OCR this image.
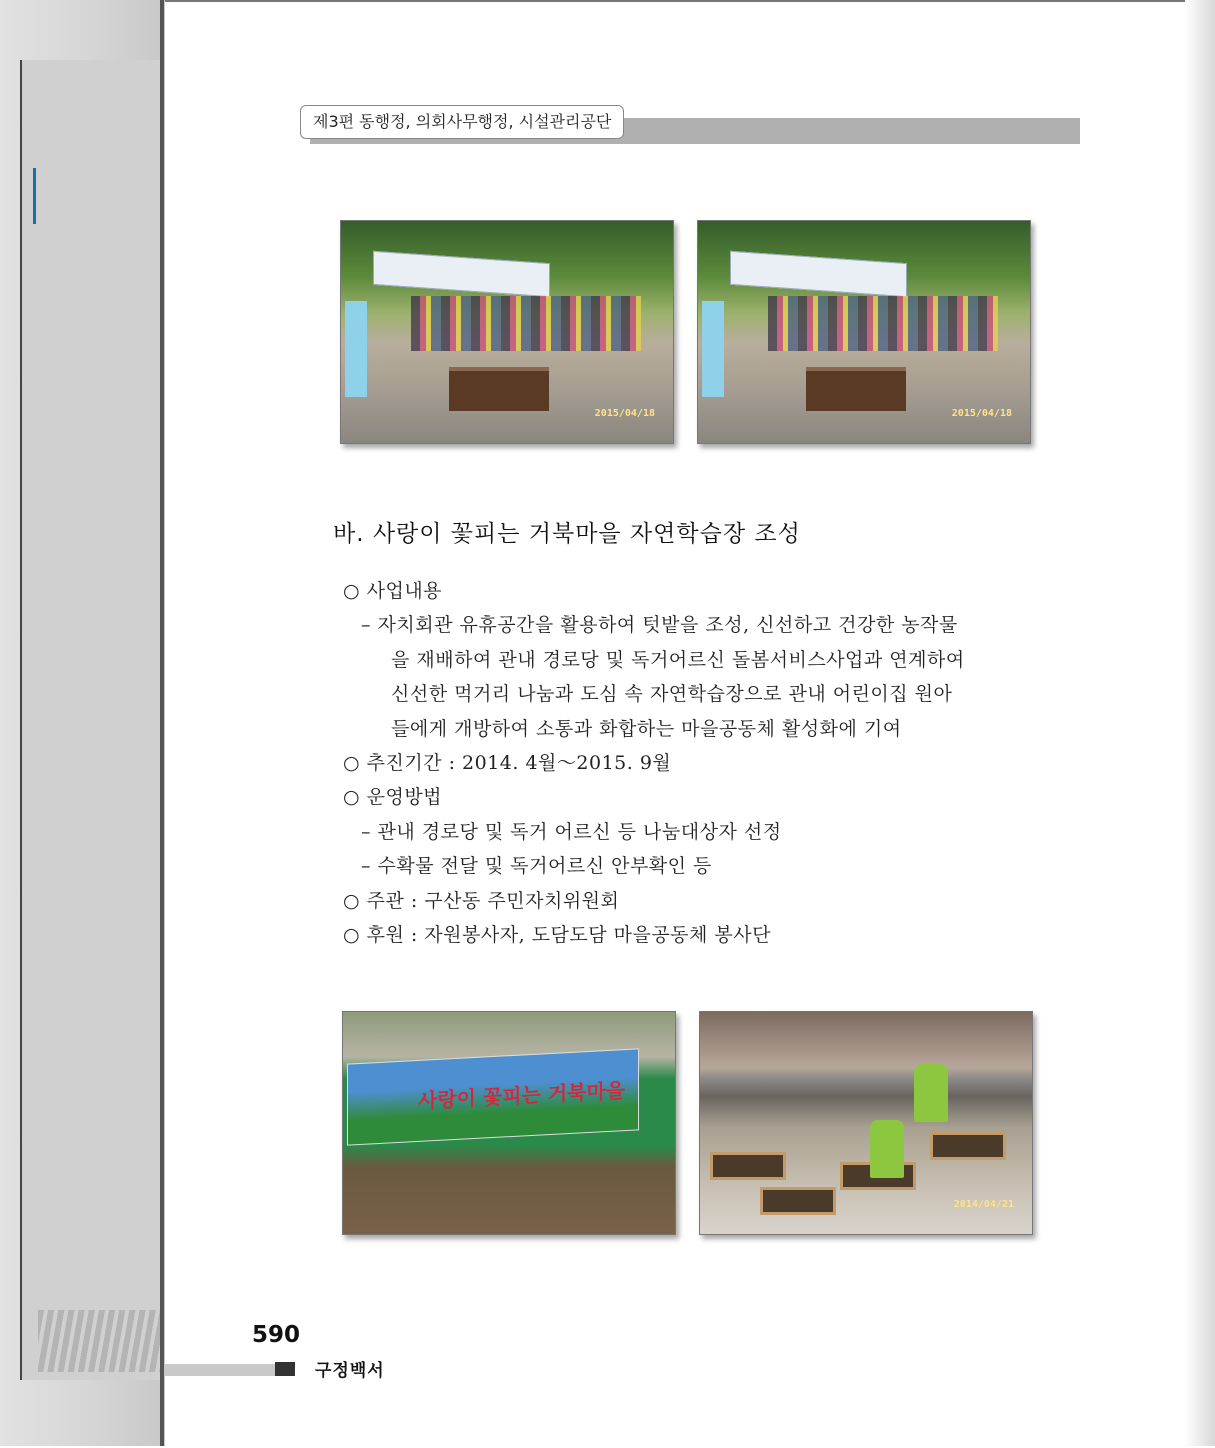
제3편 동행정, 의회사무행정, 시설관리공단
2015/04/18	2015/04/18
바. 사랑이 꽃피는 거북마을 자연학습장 조성
○ 사업내용
– 자치회관 유휴공간을 활용하여 텃밭을 조성, 신선하고 건강한 농작물
을 재배하여 관내 경로당 및 독거어르신 돌봄서비스사업과 연계하여
신선한 먹거리 나눔과 도심 속 자연학습장으로 관내 어린이집 원아
들에게 개방하여 소통과 화합하는 마을공동체 활성화에 기여
○ 추진기간 : 2014. 4월～2015. 9월
○ 운영방법
– 관내 경로당 및 독거 어르신 등 나눔대상자 선정
– 수확물 전달 및 독거어르신 안부확인 등
○ 주관 : 구산동 주민자치위원회
○ 후원 : 자원봉사자, 도담도담 마을공동체 봉사단
사랑이 꽃피는 거북마을
2014/04/21
590
구정백서
